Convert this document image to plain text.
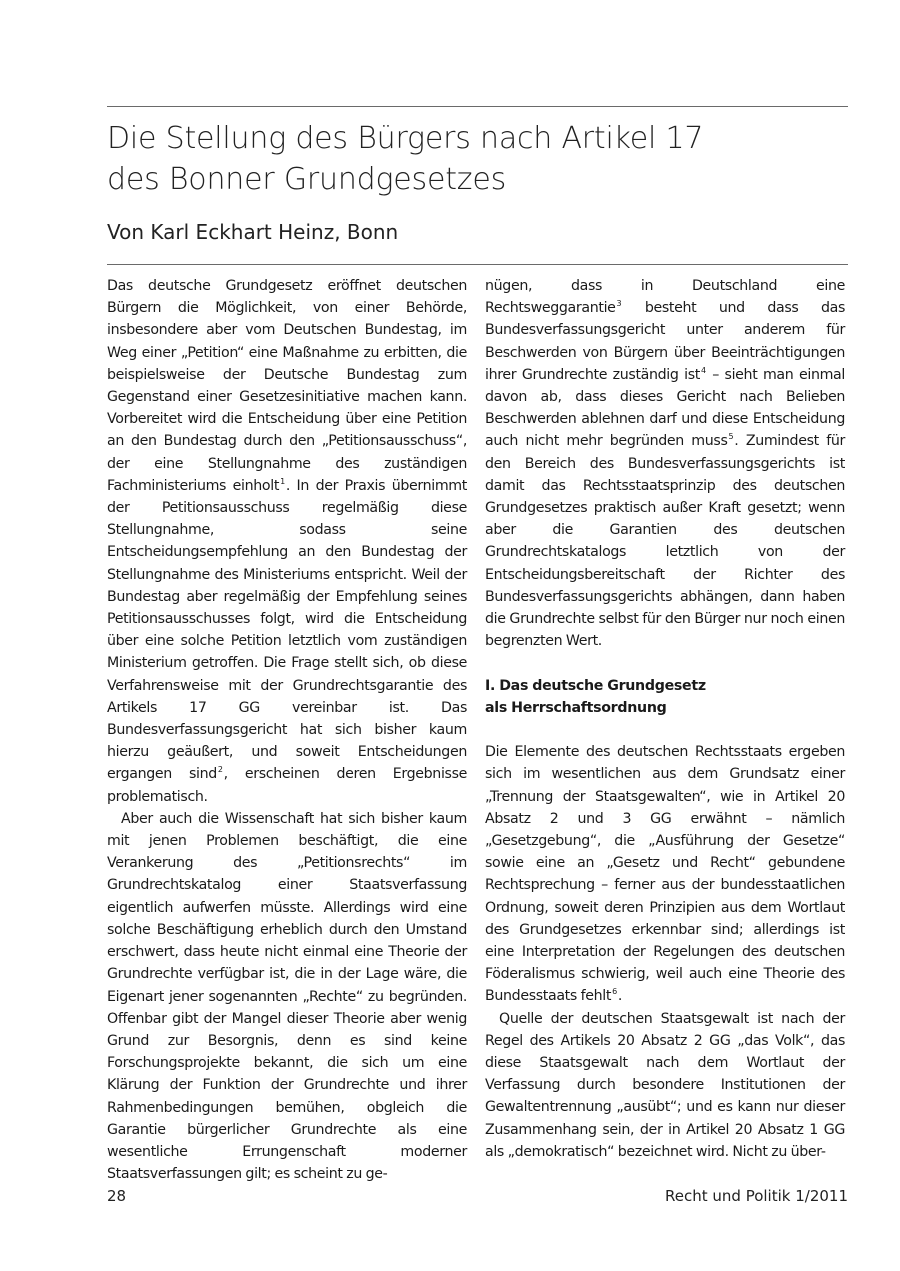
Die Stellung des Bürgers nach Artikel 17
des Bonner Grundgesetzes

Von Karl Eckhart Heinz, Bonn

Das deutsche Grundgesetz eröffnet deutschen Bürgern die Möglichkeit, von einer Behörde, insbesondere aber vom Deutschen Bundestag, im Weg einer „Petition“ eine Maßnahme zu erbitten, die beispielsweise der Deutsche Bundestag zum Gegenstand einer Gesetzesinitiative machen kann. Vorbereitet wird die Entscheidung über eine Petition an den Bundestag durch den „Petitionsausschuss“, der eine Stellungnahme des zuständigen Fachministeriums einholt$^1$. In der Praxis übernimmt der Petitionsausschuss regelmäßig diese Stellungnahme, sodass seine Entscheidungsempfehlung an den Bundestag der Stellungnahme des Ministeriums entspricht. Weil der Bundestag aber regelmäßig der Empfehlung seines Petitionsausschusses folgt, wird die Entscheidung über eine solche Petition letztlich vom zuständigen Ministerium getroffen. Die Frage stellt sich, ob diese Verfahrensweise mit der Grundrechtsgarantie des Artikels 17 GG vereinbar ist. Das Bundesverfassungsgericht hat sich bisher kaum hierzu geäußert, und soweit Entscheidungen ergangen sind$^2$, erscheinen deren Ergebnisse problematisch.

Aber auch die Wissenschaft hat sich bisher kaum mit jenen Problemen beschäftigt, die eine Verankerung des „Petitionsrechts“ im Grundrechtskatalog einer Staatsverfassung eigentlich aufwerfen müsste. Allerdings wird eine solche Beschäftigung erheblich durch den Umstand erschwert, dass heute nicht einmal eine Theorie der Grundrechte verfügbar ist, die in der Lage wäre, die Eigenart jener sogenannten „Rechte“ zu begründen. Offenbar gibt der Mangel dieser Theorie aber wenig Grund zur Besorgnis, denn es sind keine Forschungsprojekte bekannt, die sich um eine Klärung der Funktion der Grundrechte und ihrer Rahmenbedingungen bemühen, obgleich die Garantie bürgerlicher Grundrechte als eine wesentliche Errungenschaft moderner Staatsverfassungen gilt; es scheint zu ge-

nügen, dass in Deutschland eine Rechtsweggarantie$^3$ besteht und dass das Bundesverfassungsgericht unter anderem für Beschwerden von Bürgern über Beeinträchtigungen ihrer Grundrechte zuständig ist$^4$ – sieht man einmal davon ab, dass dieses Gericht nach Belieben Beschwerden ablehnen darf und diese Entscheidung auch nicht mehr begründen muss$^5$. Zumindest für den Bereich des Bundesverfassungsgerichts ist damit das Rechtsstaatsprinzip des deutschen Grundgesetzes praktisch außer Kraft gesetzt; wenn aber die Garantien des deutschen Grundrechtskatalogs letztlich von der Entscheidungsbereitschaft der Richter des Bundesverfassungsgerichts abhängen, dann haben die Grundrechte selbst für den Bürger nur noch einen begrenzten Wert.

I. Das deutsche Grundgesetz
als Herrschaftsordnung

Die Elemente des deutschen Rechtsstaats ergeben sich im wesentlichen aus dem Grundsatz einer „Trennung der Staatsgewalten“, wie in Artikel 20 Absatz 2 und 3 GG erwähnt – nämlich „Gesetzgebung“, die „Ausführung der Gesetze“ sowie eine an „Gesetz und Recht“ gebundene Rechtsprechung – ferner aus der bundesstaatlichen Ordnung, soweit deren Prinzipien aus dem Wortlaut des Grundgesetzes erkennbar sind; allerdings ist eine Interpretation der Regelungen des deutschen Föderalismus schwierig, weil auch eine Theorie des Bundesstaats fehlt$^6$.

Quelle der deutschen Staatsgewalt ist nach der Regel des Artikels 20 Absatz 2 GG „das Volk“, das diese Staatsgewalt nach dem Wortlaut der Verfassung durch besondere Institutionen der Gewaltentrennung „ausübt“; und es kann nur dieser Zusammenhang sein, der in Artikel 20 Absatz 1 GG als „demokratisch“ bezeichnet wird. Nicht zu über-

28	Recht und Politik 1/2011
